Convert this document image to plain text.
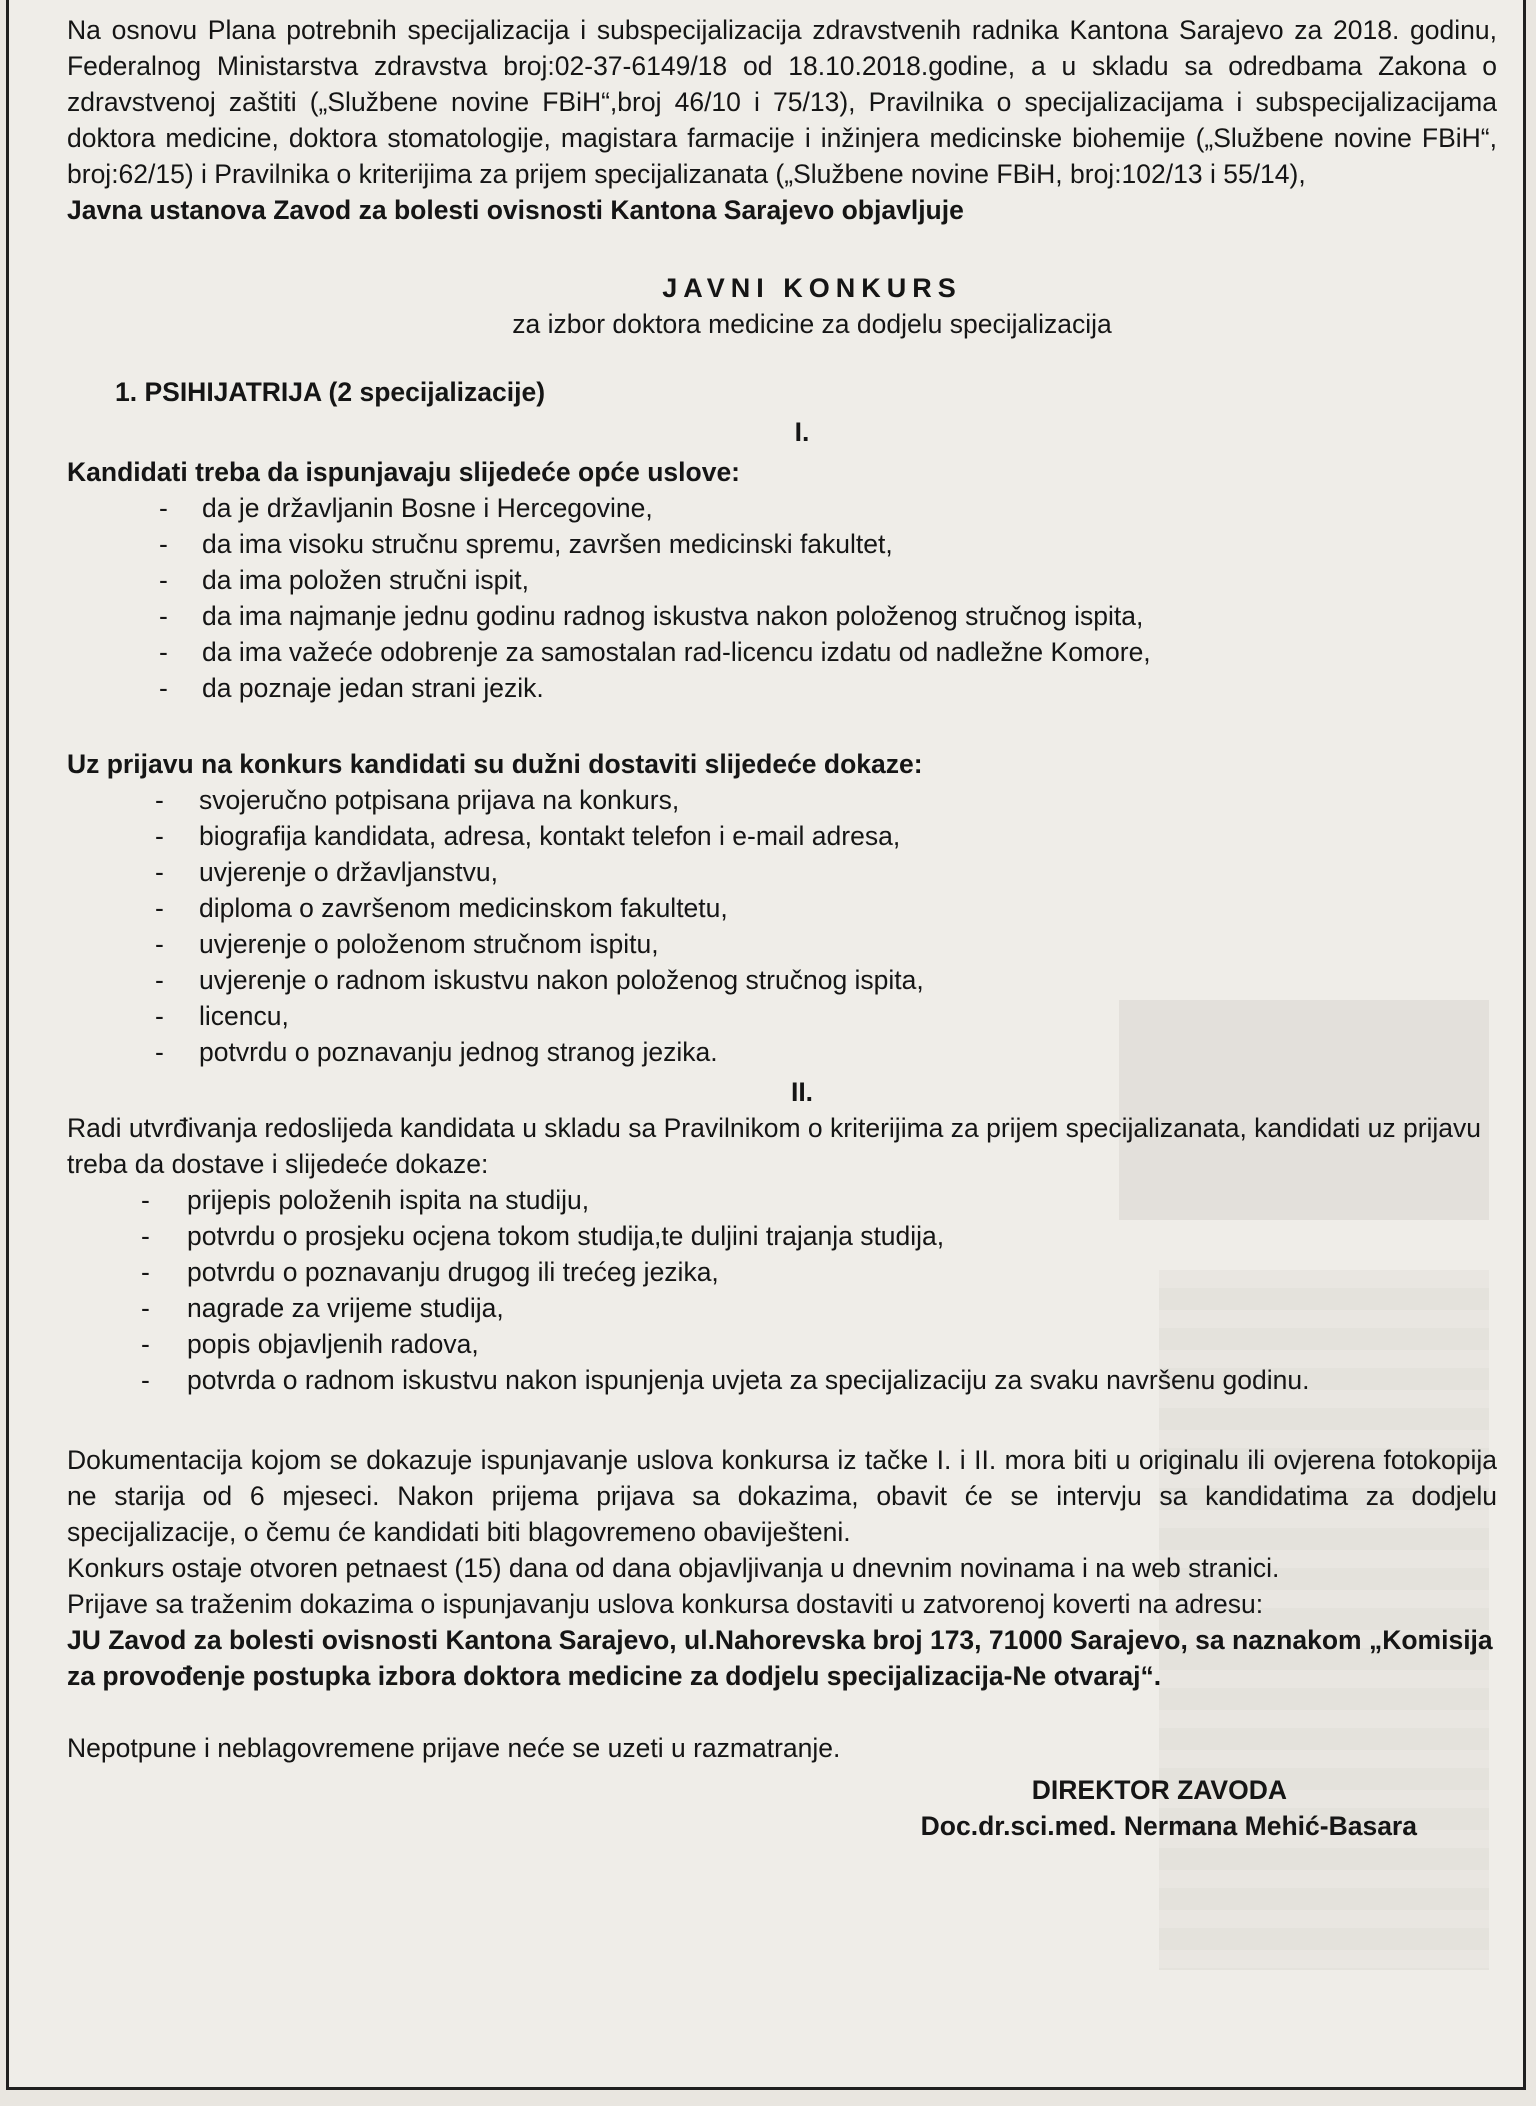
Na osnovu Plana potrebnih specijalizacija i subspecijalizacija zdravstvenih radnika Kantona Sarajevo za 2018. godinu, Federalnog Ministarstva zdravstva broj:02-37-6149/18 od 18.10.2018.godine, a u skladu sa odredbama Zakona o zdravstvenoj zaštiti („Službene novine FBiH“,broj 46/10 i 75/13), Pravilnika o specijalizacijama i subspecijalizacijama doktora medicine, doktora stomatologije, magistara farmacije i inžinjera medicinske biohemije („Službene novine FBiH“, broj:62/15) i Pravilnika o kriterijima za prijem specijalizanata („Službene novine FBiH, broj:102/13 i 55/14),

Javna ustanova Zavod za bolesti ovisnosti Kantona Sarajevo objavljuje

JAVNI KONKURS

za izbor doktora medicine za dodjelu specijalizacija

1. PSIHIJATRIJA (2 specijalizacije)

I.

Kandidati treba da ispunjavaju slijedeće opće uslove:

- da je državljanin Bosne i Hercegovine,
- da ima visoku stručnu spremu, završen medicinski fakultet,
- da ima položen stručni ispit,
- da ima najmanje jednu godinu radnog iskustva nakon položenog stručnog ispita,
- da ima važeće odobrenje za samostalan rad-licencu izdatu od nadležne Komore,
- da poznaje jedan strani jezik.

Uz prijavu na konkurs kandidati su dužni dostaviti slijedeće dokaze:

- svojeručno potpisana prijava na konkurs,
- biografija kandidata, adresa, kontakt telefon i e-mail adresa,
- uvjerenje o državljanstvu,
- diploma o završenom medicinskom fakultetu,
- uvjerenje o položenom stručnom ispitu,
- uvjerenje o radnom iskustvu nakon položenog stručnog ispita,
- licencu,
- potvrdu o poznavanju jednog stranog jezika.

II.

Radi utvrđivanja redoslijeda kandidata u skladu sa Pravilnikom o kriterijima za prijem specijalizanata, kandidati uz prijavu treba da dostave i slijedeće dokaze:

- prijepis položenih ispita na studiju,
- potvrdu o prosjeku ocjena tokom studija,te duljini trajanja studija,
- potvrdu o poznavanju drugog ili trećeg jezika,
- nagrade za vrijeme studija,
- popis objavljenih radova,
- potvrda o radnom iskustvu nakon ispunjenja uvjeta za specijalizaciju za svaku navršenu godinu.

Dokumentacija kojom se dokazuje ispunjavanje uslova konkursa iz tačke I. i II. mora biti u originalu ili ovjerena fotokopija ne starija od 6 mjeseci. Nakon prijema prijava sa dokazima, obavit će se intervju sa kandidatima za dodjelu specijalizacije, o čemu će kandidati biti blagovremeno obaviješteni.

Konkurs ostaje otvoren petnaest (15) dana od dana objavljivanja u dnevnim novinama i na web stranici.

Prijave sa traženim dokazima o ispunjavanju uslova konkursa dostaviti u zatvorenoj koverti na adresu:

JU Zavod za bolesti ovisnosti Kantona Sarajevo, ul.Nahorevska broj 173, 71000 Sarajevo, sa naznakom „Komisija za provođenje postupka izbora doktora medicine za dodjelu specijalizacija-Ne otvaraj“.

Nepotpune i neblagovremene prijave neće se uzeti u razmatranje.

DIREKTOR ZAVODA

Doc.dr.sci.med. Nermana Mehić-Basara
